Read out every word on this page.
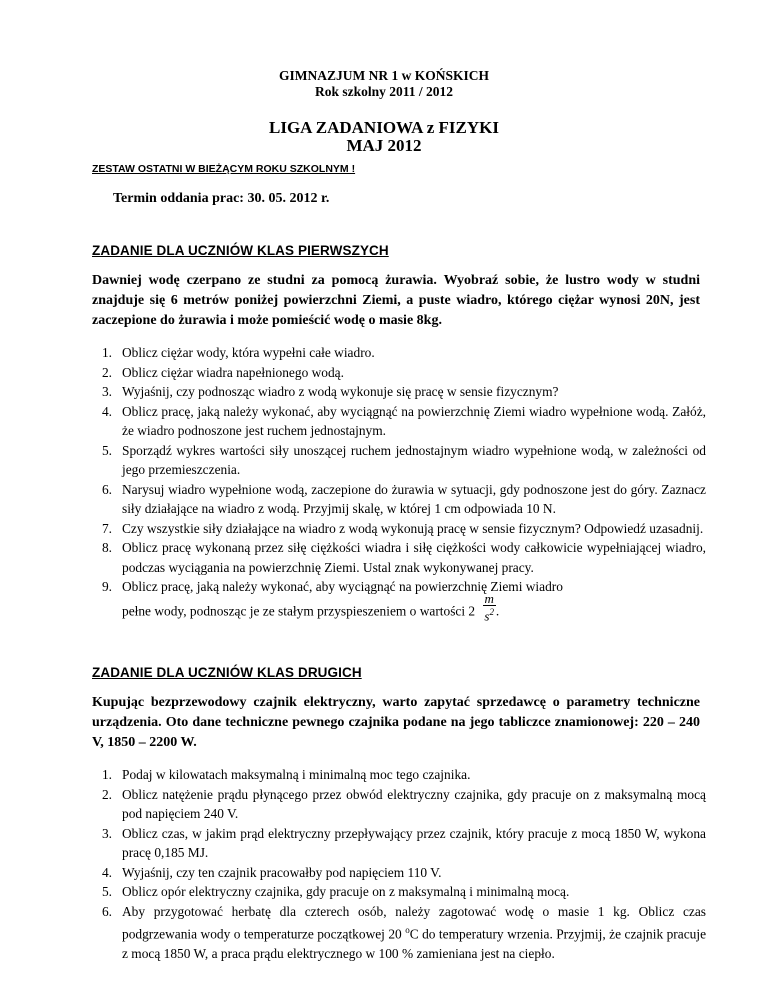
GIMNAZJUM NR 1 w KOŃSKICH
Rok szkolny 2011 / 2012
LIGA ZADANIOWA z FIZYKI
MAJ 2012
ZESTAW OSTATNI W BIEŻĄCYM ROKU SZKOLNYM !
Termin oddania prac: 30. 05. 2012 r.
ZADANIE DLA UCZNIÓW KLAS PIERWSZYCH
Dawniej wodę czerpano ze studni za pomocą żurawia. Wyobraź sobie, że lustro wody w studni znajduje się 6 metrów poniżej powierzchni Ziemi, a puste wiadro, którego ciężar wynosi 20N, jest zaczepione do żurawia i może pomieścić wodę o masie 8kg.
1. Oblicz ciężar wody, która wypełni całe wiadro.
2. Oblicz ciężar wiadra napełnionego wodą.
3. Wyjaśnij, czy podnosząc wiadro z wodą wykonuje się pracę w sensie fizycznym?
4. Oblicz pracę, jaką należy wykonać, aby wyciągnąć na powierzchnię Ziemi wiadro wypełnione wodą. Załóż, że wiadro podnoszone jest ruchem jednostajnym.
5. Sporządź wykres wartości siły unoszącej ruchem jednostajnym wiadro wypełnione wodą, w zależności od jego przemieszczenia.
6. Narysuj wiadro wypełnione wodą, zaczepione do żurawia w sytuacji, gdy podnoszone jest do góry. Zaznacz siły działające na wiadro z wodą. Przyjmij skalę, w której 1 cm odpowiada 10 N.
7. Czy wszystkie siły działające na wiadro z wodą wykonują pracę w sensie fizycznym? Odpowiedź uzasadnij.
8. Oblicz pracę wykonaną przez siłę ciężkości wiadra i siłę ciężkości wody całkowicie wypełniającej wiadro, podczas wyciągania na powierzchnię Ziemi. Ustal znak wykonywanej pracy.
9. Oblicz pracę, jaką należy wykonać, aby wyciągnąć na powierzchnię Ziemi wiadro
pełne wody, podnosząc je ze stałym przyspieszeniem o wartości $2 \frac{m}{s^2}$ .
ZADANIE DLA UCZNIÓW KLAS DRUGICH
Kupując bezprzewodowy czajnik elektryczny, warto zapytać sprzedawcę o parametry techniczne urządzenia. Oto dane techniczne pewnego czajnika podane na jego tabliczce znamionowej: 220 – 240 V, 1850 – 2200 W.
1. Podaj w kilowatach maksymalną i minimalną moc tego czajnika.
2. Oblicz natężenie prądu płynącego przez obwód elektryczny czajnika, gdy pracuje on z maksymalną mocą pod napięciem 240 V.
3. Oblicz czas, w jakim prąd elektryczny przepływający przez czajnik, który pracuje z mocą 1850 W, wykona pracę 0,185 MJ.
4. Wyjaśnij, czy ten czajnik pracowałby pod napięciem 110 V.
5. Oblicz opór elektryczny czajnika, gdy pracuje on z maksymalną i minimalną mocą.
6. Aby przygotować herbatę dla czterech osób, należy zagotować wodę o masie 1 kg. Oblicz czas podgrzewania wody o temperaturze początkowej 20 $^o$C do temperatury wrzenia. Przyjmij, że czajnik pracuje z mocą 1850 W, a praca prądu elektrycznego w 100 % zamieniana jest na ciepło.
